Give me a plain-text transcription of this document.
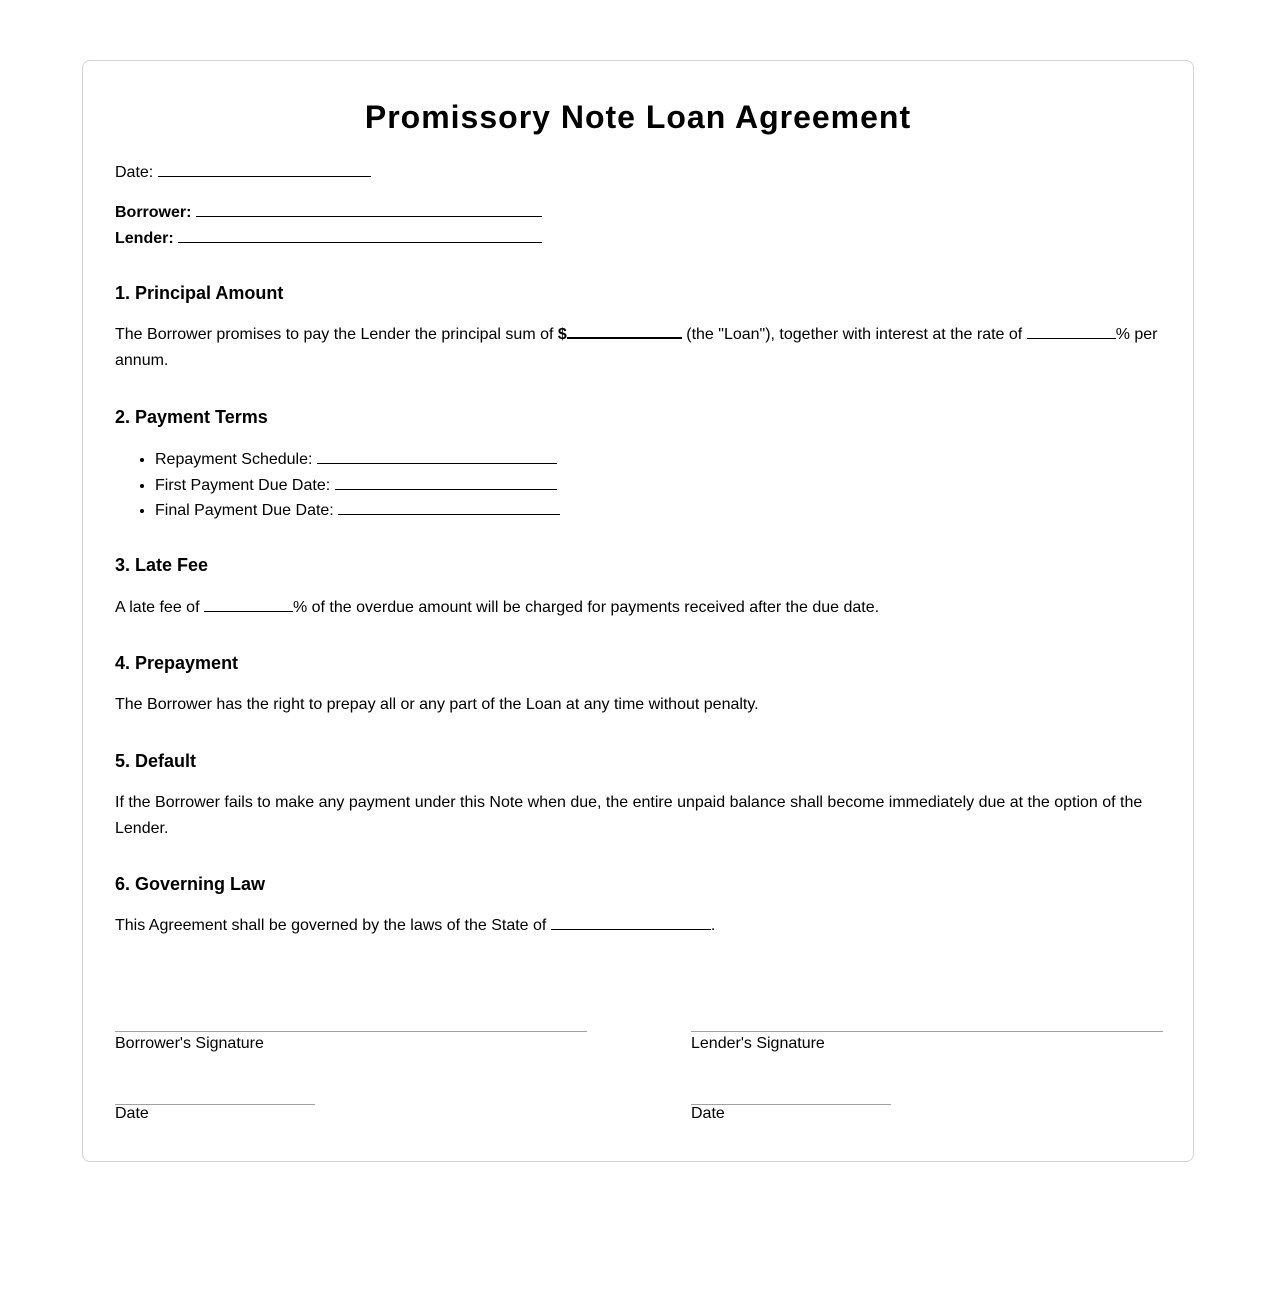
Promissory Note Loan Agreement
Date:
Borrower:
Lender:
1. Principal Amount

The Borrower promises to pay the Lender the principal sum of $	(the "Loan"), together with interest at the rate of	% per annum.

2. Payment Terms
• Repayment Schedule:
• First Payment Due Date:
• Final Payment Due Date:
3. Late Fee

A late fee of	% of the overdue amount will be charged for payments received after the due date.

4. Prepayment

The Borrower has the right to prepay all or any part of the Loan at any time without penalty.

5. Default

If the Borrower fails to make any payment under this Note when due, the entire unpaid balance shall become immediately due at the option of the Lender.

6. Governing Law

This Agreement shall be governed by the laws of the State of	.

Borrower's Signature	Lender's Signature
Date	Date
